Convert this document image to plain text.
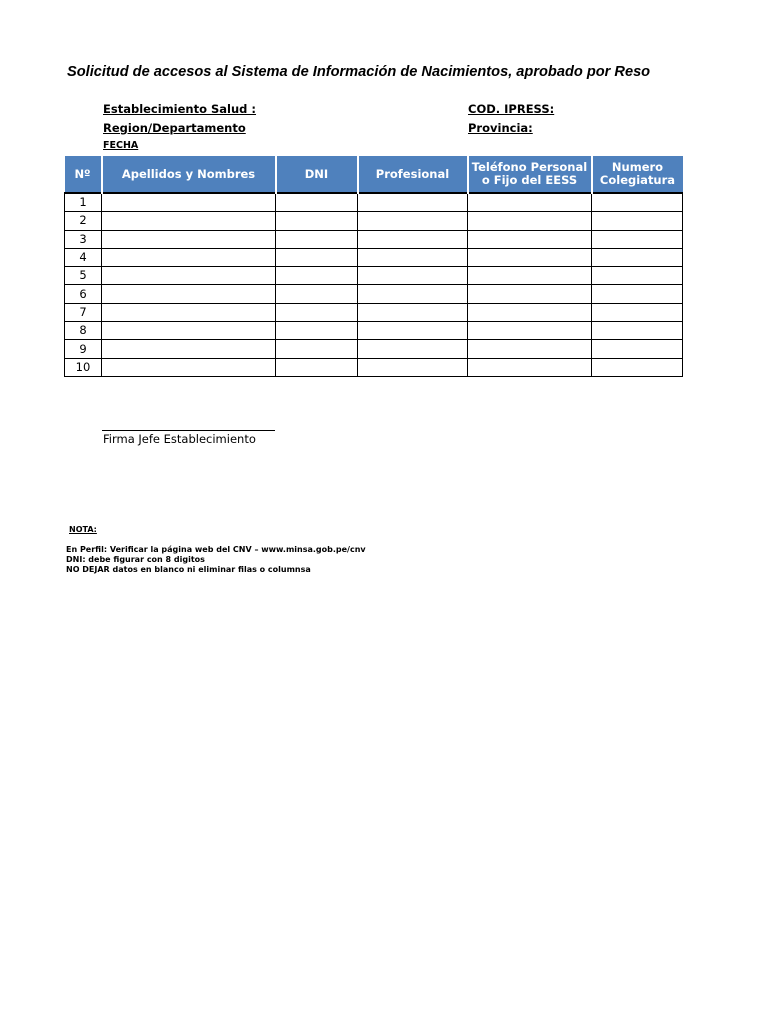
Solicitud de accesos al Sistema de Información de Nacimientos, aprobado por Reso
Establecimiento Salud :
Region/Departamento
FECHA
COD. IPRESS:
Provincia:
Nº	Apellidos y Nombres	DNI	Profesional	Teléfono Personal o Fijo del EESS	Numero Colegiatura
1					
2					
3					
4					
5					
6					
7					
8					
9					
10					
Firma Jefe Establecimiento
NOTA:
En Perfil: Verificar la página web del CNV – www.minsa.gob.pe/cnv
DNI: debe figurar con 8 digitos
NO DEJAR datos en blanco ni eliminar filas o columnsa
